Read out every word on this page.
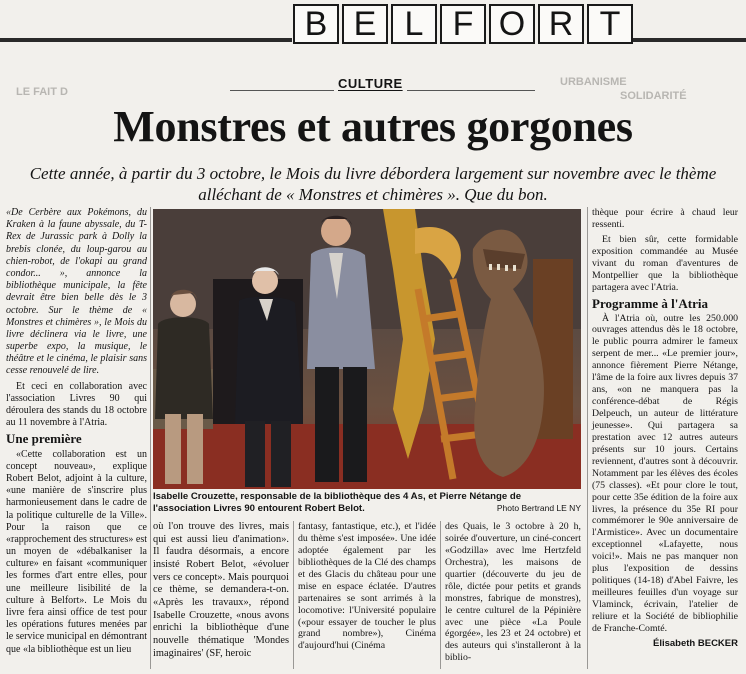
LE FAIT D
URBANISME
SOLIDARITÉ
B E L F O R T
CULTURE
Monstres et autres gorgones
Cette année, à partir du 3 octobre, le Mois du livre débordera largement sur novembre avec le thème alléchant de « Monstres et chimères ». Que du bon.

«De Cerbère aux Pokémons, du Kraken à la faune abyssale, du T-Rex de Jurassic park à Dolly la brebis clonée, du loup-garou au chien-robot, de l'okapi au grand condor... », annonce la bibliothèque municipale, la fête devrait être bien belle dès le 3 octobre. Sur le thème de « Monstres et chimères », le Mois du livre déclinera via le livre, une superbe expo, la musique, le théâtre et le cinéma, le plaisir sans cesse renouvelé de lire.

Et ceci en collaboration avec l'association Livres 90 qui déroulera des stands du 18 octobre au 11 novembre à l'Atria.

Une première

«Cette collaboration est un concept nouveau», explique Robert Belot, adjoint à la culture, «une manière de s'inscrire plus harmonieusement dans le cadre de la politique culturelle de la Ville». Pour la raison que ce «rapprochement des structures» est un moyen de «débalkaniser la culture» en faisant «communiquer les formes d'art entre elles, pour une meilleure lisibilité de la culture à Belfort». Le Mois du livre fera ainsi office de test pour les opérations futures menées par le service municipal en démontrant que «la bibliothèque est un lieu

Isabelle Crouzette, responsable de la bibliothèque des 4 As, et Pierre Nétange de l'association Livres 90 entourent Robert Belot.	Photo Bertrand LE NY

où l'on trouve des livres, mais qui est aussi lieu d'animation». Il faudra désormais, a encore insisté Robert Belot, «évoluer vers ce concept». Mais pourquoi ce thème, se demandera-t-on. «Après les travaux», répond Isabelle Crouzette, «nous avons enrichi la bibliothèque d'une nouvelle thématique 'Mondes imaginaires' (SF, heroic

fantasy, fantastique, etc.), et l'idée du thème s'est imposée». Une idée adoptée également par les bibliothèques de la Clé des champs et des Glacis du château pour une mise en espace éclatée. D'autres partenaires se sont arrimés à la locomotive: l'Université populaire («pour essayer de toucher le plus grand nombre»), Cinéma d'aujourd'hui (Cinéma

des Quais, le 3 octobre à 20 h, soirée d'ouverture, un ciné-concert «Godzilla» avec lme Hertzfeld Orchestra), les maisons de quartier (découverte du jeu de rôle, dictée pour petits et grands monstres, fabrique de monstres), le centre culturel de la Pépinière avec une pièce «La Poule égorgée», les 23 et 24 octobre) et des auteurs qui s'installeront à la biblio-

thèque pour écrire à chaud leur ressenti.

Et bien sûr, cette formidable exposition commandée au Musée vivant du roman d'aventures de Montpellier que la bibliothèque partagera avec l'Atria.

Programme à l'Atria

À l'Atria où, outre les 250.000 ouvrages attendus dès le 18 octobre, le public pourra admirer le fameux serpent de mer... «Le premier jour», annonce fièrement Pierre Nétange, l'âme de la foire aux livres depuis 37 ans, «on ne manquera pas la conférence-débat de Régis Delpeuch, un auteur de littérature jeunesse». Qui partagera sa prestation avec 12 autres auteurs présents sur 10 jours. Certains reviennent, d'autres sont à découvrir. Notamment par les élèves des écoles (75 classes). «Et pour clore le tout, pour cette 35e édition de la foire aux livres, la présence du 35e RI pour commémorer le 90e anniversaire de l'Armistice». Avec un documentaire exceptionnel «Lafayette, nous voici!». Mais ne pas manquer non plus l'exposition de dessins politiques (14-18) d'Abel Faivre, les meilleures feuilles d'un voyage sur Vlaminck, écrivain, l'atelier de reliure et la Société de bibliophilie de Franche-Comté.

Élisabeth BECKER
